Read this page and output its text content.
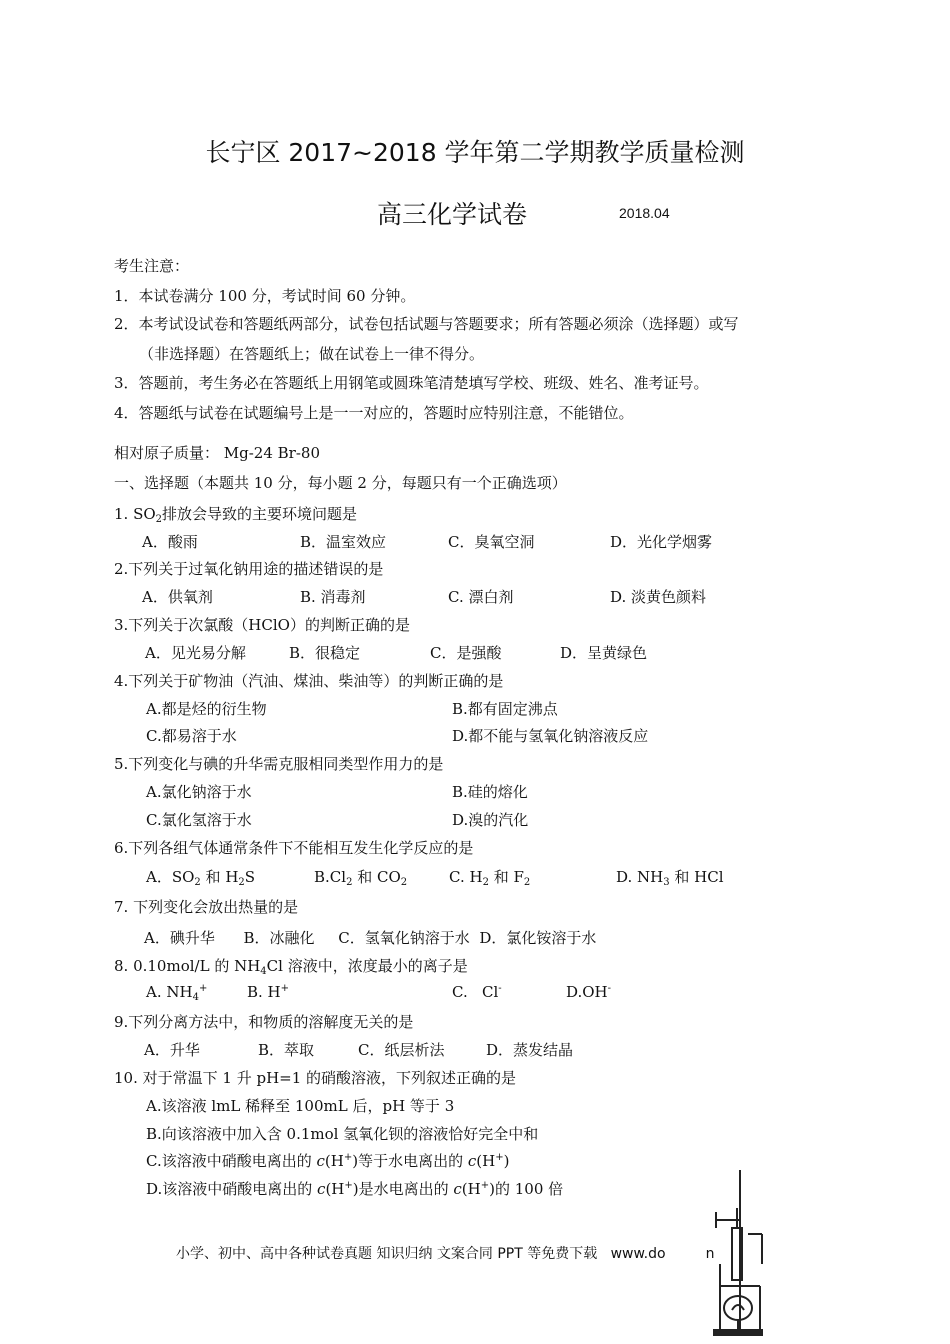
长宁区 2017~2018 学年第二学期教学质量检测
高三化学试卷	2018.04
考生注意：
1．本试卷满分 100 分，考试时间 60 分钟。
2．本考试设试卷和答题纸两部分，试卷包括试题与答题要求；所有答题必须涂（选择题）或写
（非选择题）在答题纸上；做在试卷上一律不得分。
3．答题前，考生务必在答题纸上用钢笔或圆珠笔清楚填写学校、班级、姓名、准考证号。
4．答题纸与试卷在试题编号上是一一对应的，答题时应特别注意，不能错位。
相对原子质量： Mg-24 Br-80
一、选择题（本题共 10 分，每小题 2 分，每题只有一个正确选项）
1. $SO_2$排放会导致的主要环境问题是
A．酸雨	B．温室效应	C．臭氧空洞	D．光化学烟雾
2.下列关于过氧化钠用途的描述错误的是
A．供氧剂	B. 消毒剂	C. 漂白剂	D. 淡黄色颜料
3.下列关于次氯酸（HClO）的判断正确的是
A．见光易分解	B．很稳定	C．是强酸	D．呈黄绿色
4.下列关于矿物油（汽油、煤油、柴油等）的判断正确的是
A.都是烃的衍生物	B.都有固定沸点
C.都易溶于水	D.都不能与氢氧化钠溶液反应
5.下列变化与碘的升华需克服相同类型作用力的是
A.氯化钠溶于水	B.硅的熔化
C.氯化氢溶于水	D.溴的汽化
6.下列各组气体通常条件下不能相互发生化学反应的是
A．$SO_2$ 和 $H_2S$	$B.Cl_2$ 和 $CO_2$	C. $H_2$ 和 $F_2$	D. $NH_3$ 和 HCl
7. 下列变化会放出热量的是
A．碘升华      B．冰融化     C．氢氧化钠溶于水  D．氯化铵溶于水
8. 0.10mol/L 的 $NH_4Cl$ 溶液中，浓度最小的离子是
A. $NH_4^+$	B. H+	C.   Cl-	D.OH-
9.下列分离方法中，和物质的溶解度无关的是
A．升华	B．萃取	C．纸层析法	D．蒸发结晶
10. 对于常温下 1 升 pH=1 的硝酸溶液，下列叙述正确的是
A.该溶液 lmL 稀释至 100mL 后，pH 等于 3
B.向该溶液中加入含 0.1mol 氢氧化钡的溶液恰好完全中和
C.该溶液中硝酸电离出的 c(H+)等于水电离出的 c(H+)
D.该溶液中硝酸电离出的 c(H+)是水电离出的 c(H+)的 100 倍
小学、初中、高中各种试卷真题 知识归纳 文案合同 PPT 等免费下载   www.do         n
